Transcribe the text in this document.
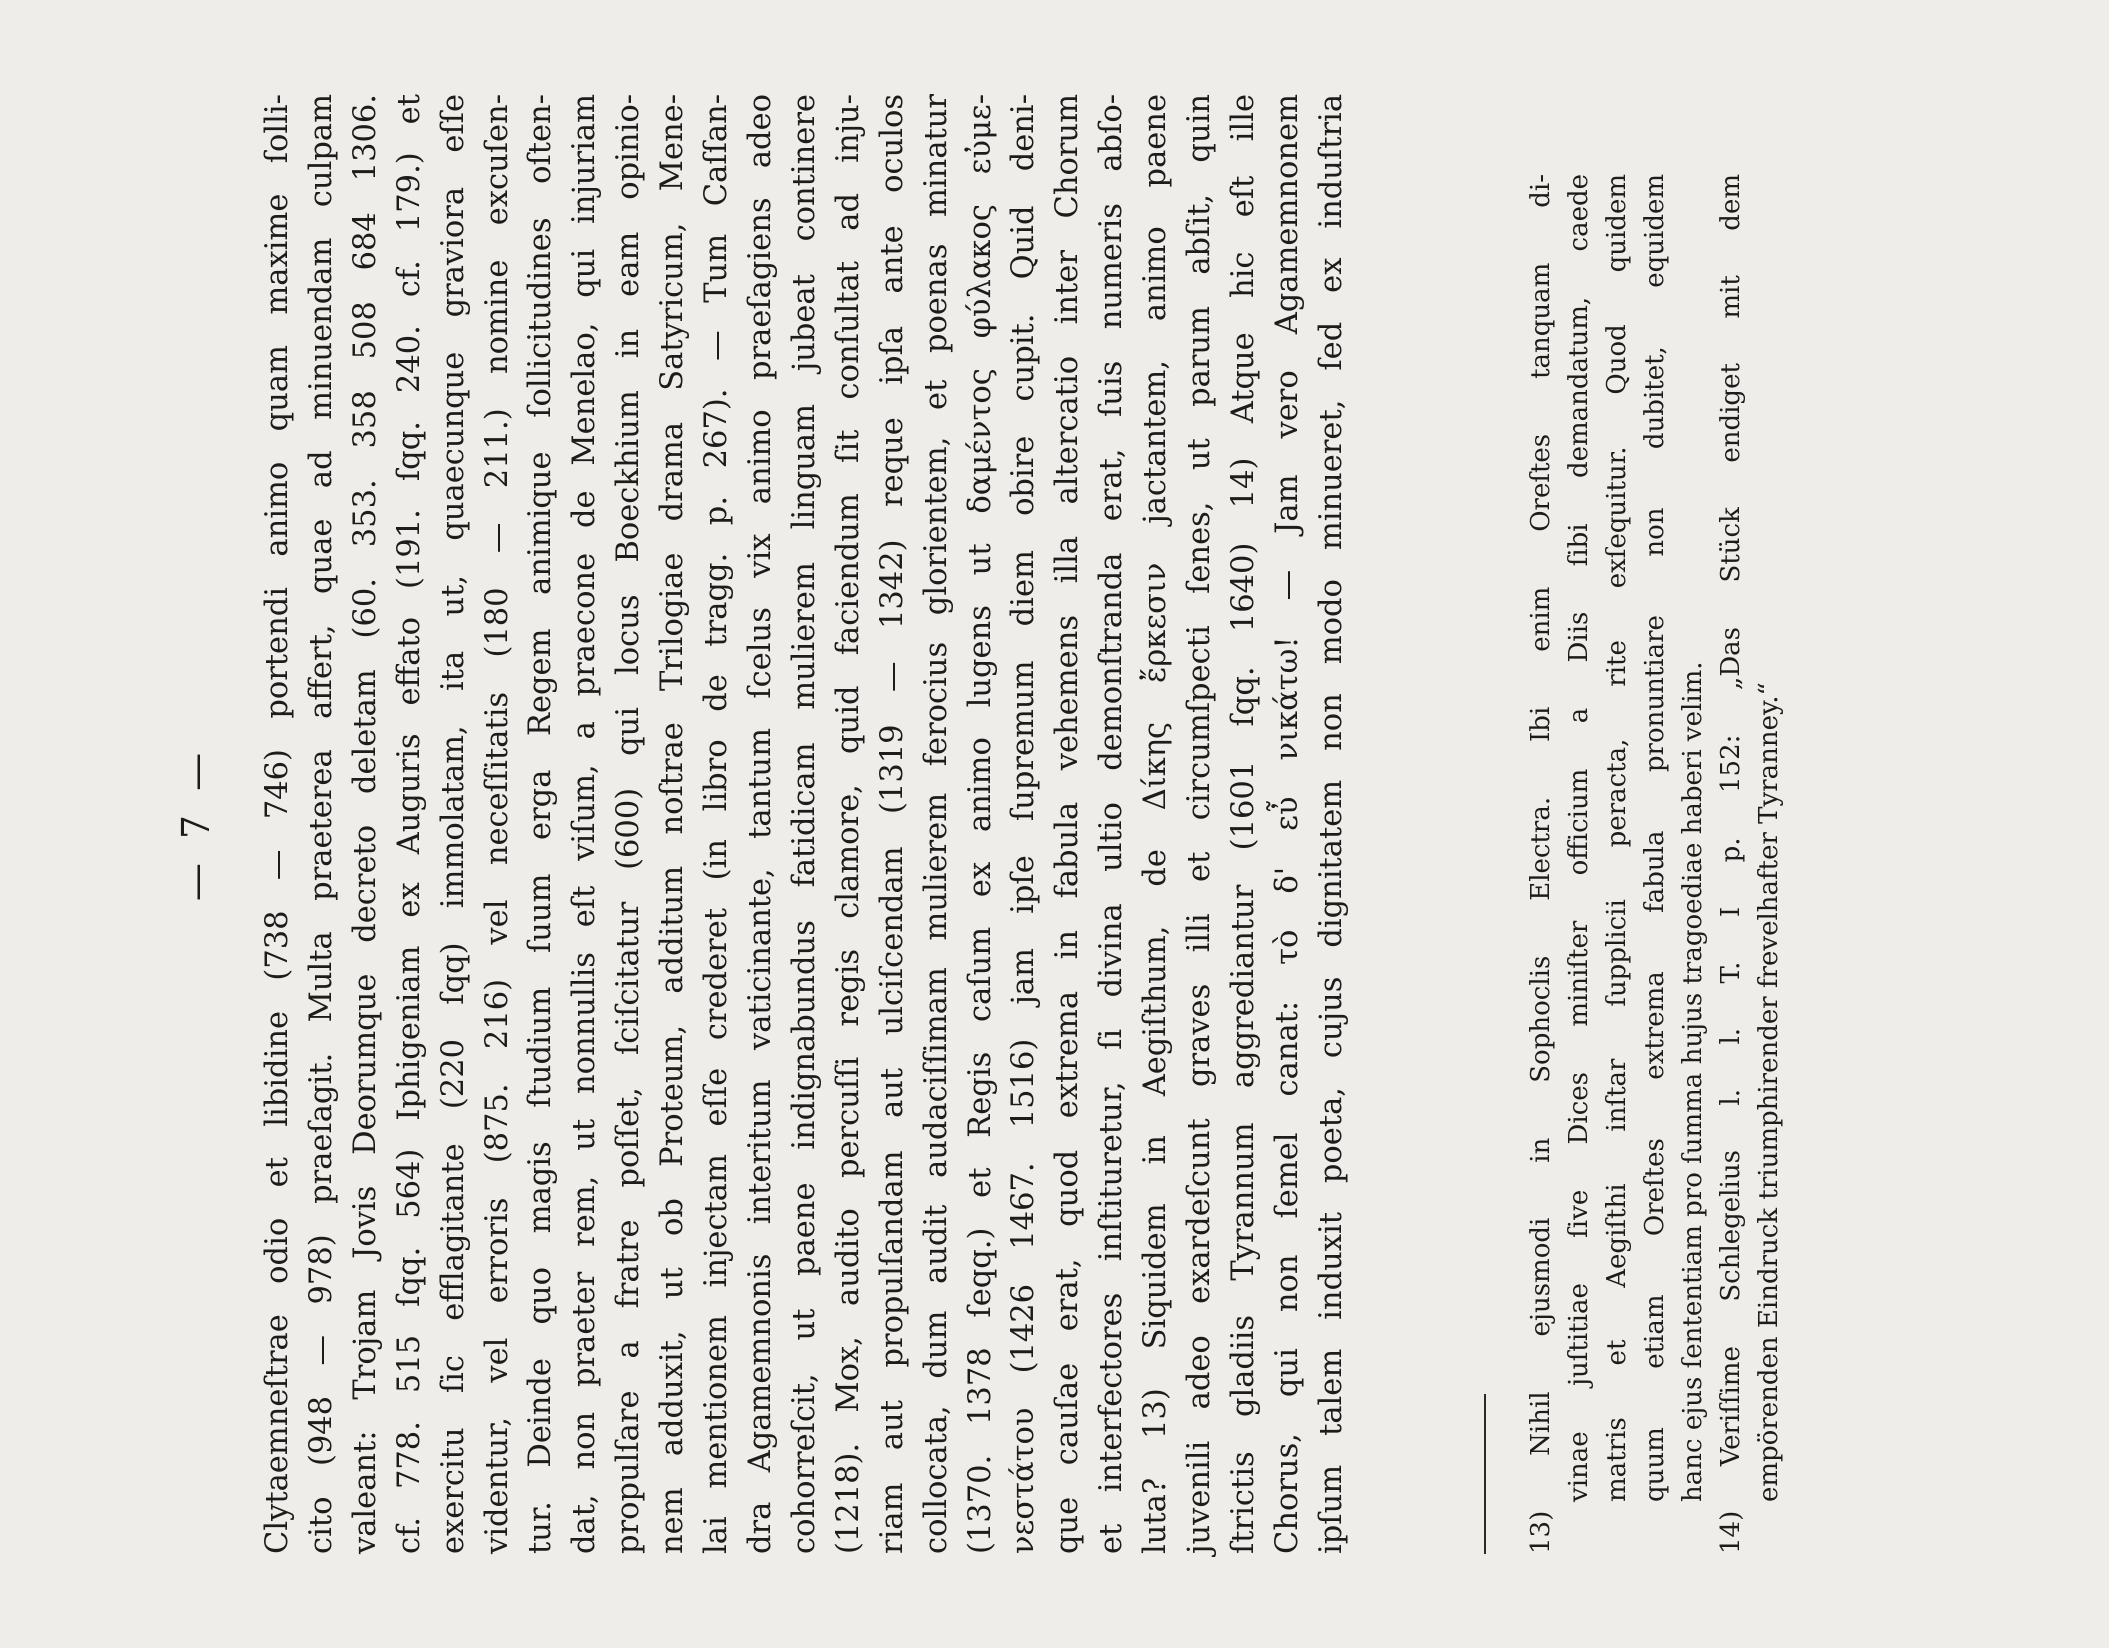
— 7 — Clytaemneſtrae odio et libidine (738 — 746) portendi animo quam maxime ſolli- cito (948 — 978) praeſagit. Multa praeterea affert, quae ad minuendam culpam valeant: Trojam Jovis Deorumque decreto deletam (60. 353. 358 508 684 1306. cf. 778. 515 ſqq. 564) Iphigeniam ex Auguris effato (191. ſqq. 240. cf. 179.) et exercitu ſic efflagitante (220 ſqq) immolatam, ita ut, quaecunque graviora eſſe videntur, vel erroris (875. 216) vel neceſſitatis (180 — 211.) nomine excuſen- tur. Deinde quo magis ſtudium ſuum erga Regem animique ſollicitudines oſten- dat, non praeter rem, ut nonnullis eſt viſum, a praecone de Menelao, qui injuriam propulſare a fratre poſſet, ſciſcitatur (600) qui locus Boeckhium in eam opinio- nem adduxit, ut ob Proteum, additum noſtrae Trilogiae drama Satyricum, Mene- lai mentionem injectam eſſe crederet (in libro de tragg. p. 267). — Tum Caſſan- dra Agamemnonis interitum vaticinante, tantum ſcelus vix animo praeſagiens adeo cohorreſcit, ut paene indignabundus fatidicam mulierem linguam jubeat continere (1218). Mox, audito percuſſi regis clamore, quid faciendum ſit conſultat ad inju- riam aut propulſandam aut ulciſcendam (1319 — 1342) reque ipſa ante oculos collocata, dum audit audaciſſimam mulierem ferocius glorientem, et poenas minatur (1370. 1378 ſeqq.) et Regis caſum ex animo lugens ut δαμέντος φύλακος εὐμε- νεστάτου (1426 1467. 1516) jam ipſe ſupremum diem obire cupit. Quid deni- que cauſae erat, quod extrema in fabula vehemens illa altercatio inter Chorum et interfectores inſtituretur, ſi divina ultio demonſtranda erat, ſuis numeris abſo- luta? 13) Siquidem in Aegiſthum, de Δίκης ἔρκεσιν jactantem, animo paene juvenili adeo exardeſcunt graves illi et circumſpecti ſenes, ut parum abſit, quin ſtrictis gladiis Tyrannum aggrediantur (1601 ſqq. 1640) 14) Atque hic eſt ille Chorus, qui non ſemel canat: τὸ δ' εὖ νικάτω! — Jam vero Agamemnonem ipſum talem induxit poeta, cujus dignitatem non modo minueret, ſed ex induſtria	13) Nihil ejusmodi in Sophoclis Electra. Ibi enim Oreſtes tanquam di- vinae juſtitiae ſive Dices miniſter officium a Diis ſibi demandatum, caede matris et Aegiſthi inſtar ſupplicii peracta, rite exſequitur. Quod quidem quum etiam Oreſtes extrema fabula pronuntiare non dubitet, equidem hanc ejus ſententiam pro ſumma hujus tragoediae haberi velim. 14) Veriſſime Schlegelius l. l. T. I p. 152: „Das Stück endiget mit dem empörenden Eindruck triumphirender frevelhafter Tyranney.“
